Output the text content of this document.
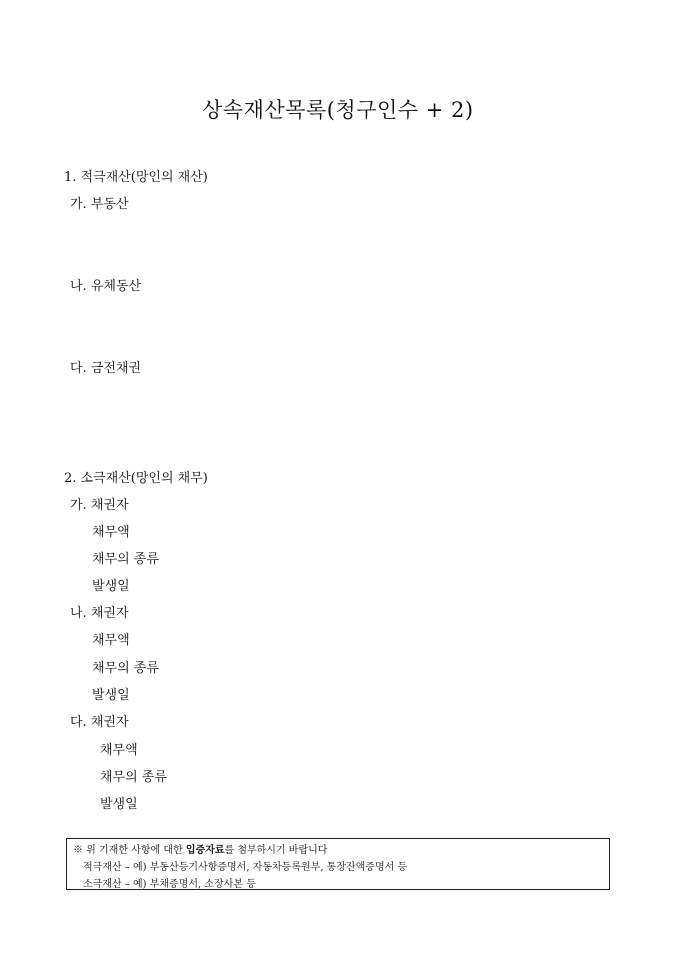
상속재산목록(청구인수 + 2)
1. 적극재산(망인의 재산)
가. 부동산
나. 유체동산
다. 금전채권
2. 소극재산(망인의 채무)
가. 채권자
채무액
채무의 종류
발생일
나. 채권자
채무액
채무의 종류
발생일
다. 채권자
채무액
채무의 종류
발생일
※ 위 기재한 사항에 대한 입증자료를 첨부하시기 바랍니다
적극재산 – 예) 부동산등기사항증명서, 자동차등록원부, 통장잔액증명서 등
소극재산 – 예) 부채증명서, 소장사본 등
